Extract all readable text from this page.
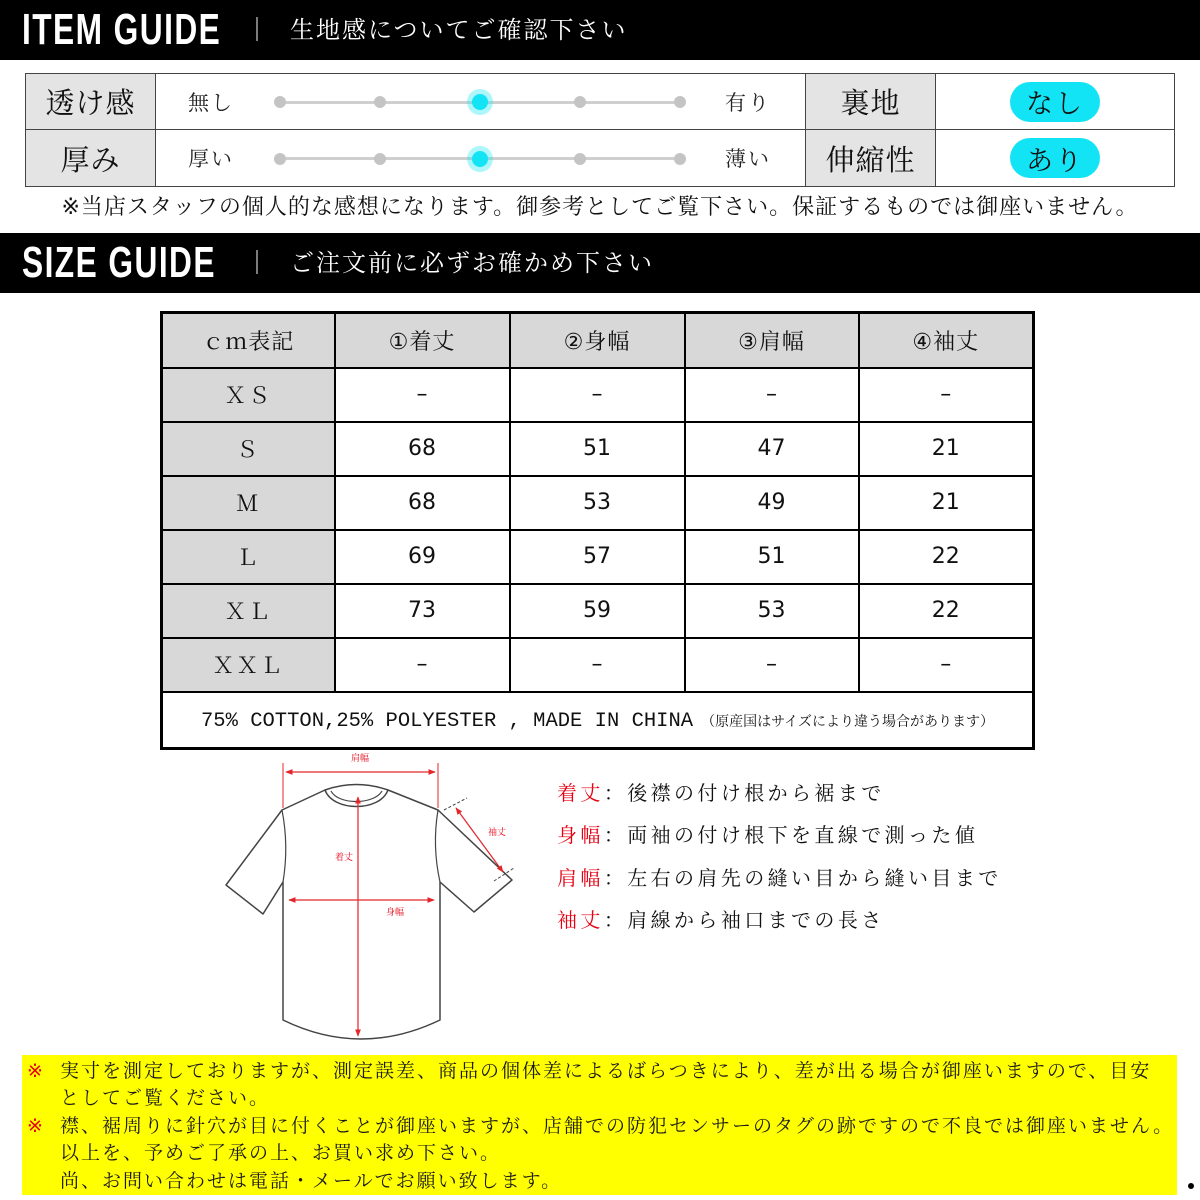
ITEM GUIDE ｜ 生地感についてご確認下さい
透け感	無し	有り	裏地	なし
厚み	厚い	薄い	伸縮性	あり
※当店スタッフの個人的な感想になります。御参考としてご覧下さい。保証するものでは御座いません。
SIZE GUIDE ｜ ご注文前に必ずお確かめ下さい
ｃｍ表記	①着丈	②身幅	③肩幅	④袖丈
ＸＳ	–	–	–	–
Ｓ	68	51	47	21
Ｍ	68	53	49	21
Ｌ	69	57	51	22
ＸＬ	73	59	53	22
ＸＸＬ	–	–	–	–
75% COTTON,25% POLYESTER , MADE IN CHINA （原産国はサイズにより違う場合があります）				
肩幅
着丈
身幅
袖丈
着丈：後襟の付け根から裾まで
身幅：両袖の付け根下を直線で測った値
肩幅：左右の肩先の縫い目から縫い目まで
袖丈：肩線から袖口までの長さ
※ 実寸を測定しておりますが、測定誤差、商品の個体差によるばらつきにより、差が出る場合が御座いますので、目安
としてご覧ください。
※ 襟、裾周りに針穴が目に付くことが御座いますが、店舗での防犯センサーのタグの跡ですので不良では御座いません。
以上を、予めご了承の上、お買い求め下さい。
尚、お問い合わせは電話・メールでお願い致します。
